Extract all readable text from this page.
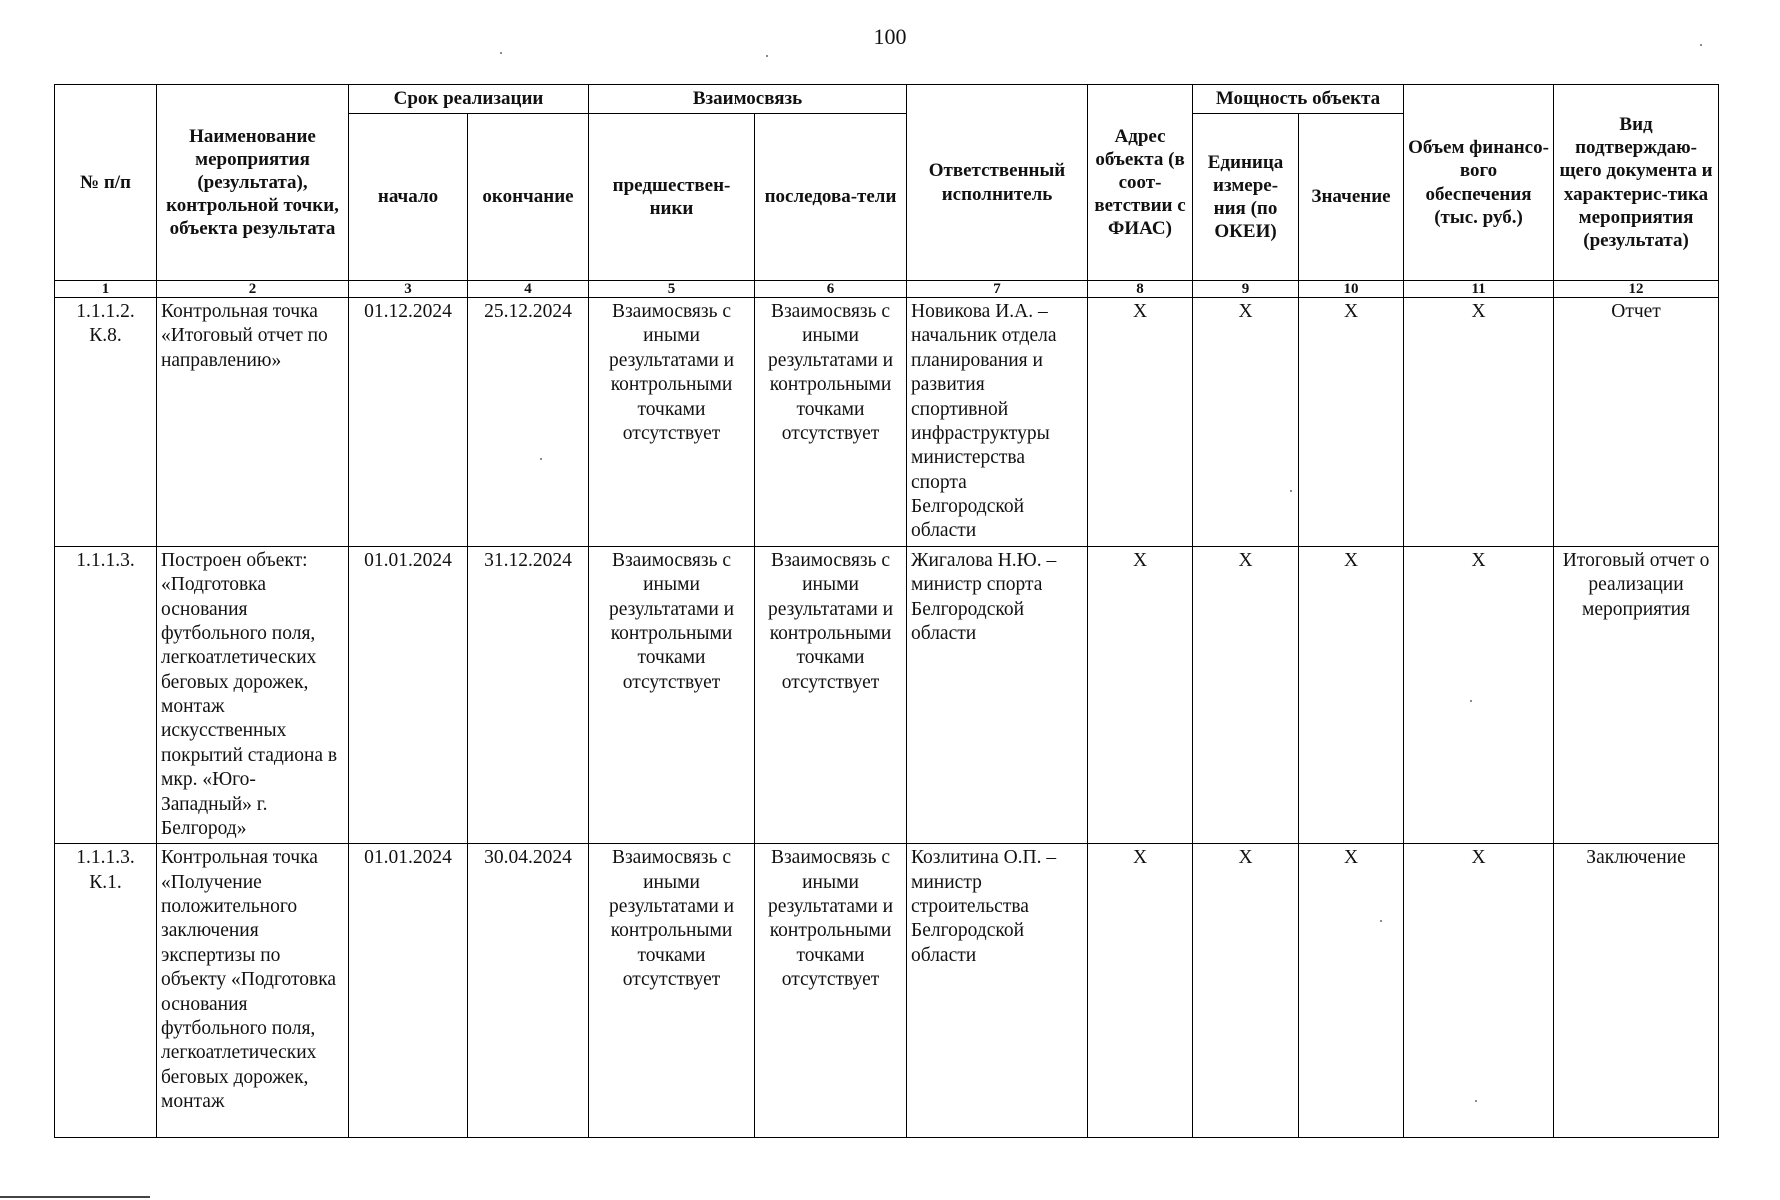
100
№ п/п	Наименование мероприятия (результата), контрольной точки, объекта результата	Срок реализации		Взаимосвязь		Ответственный исполнитель	Адрес объекта (в соот-ветствии с ФИАС)	Мощность объекта		Объем финансо-вого обеспечения (тыс. руб.)	Вид подтверждаю-щего документа и характерис-тика мероприятия (результата)
		начало	окончание	предшествен-ники	последова-тели			Единица измере-ния (по ОКЕИ)	Значение		
1	2	3	4	5	6	7	8	9	10	11	12
1.1.1.2. К.8.	Контрольная точка «Итоговый отчет по направлению»	01.12.2024	25.12.2024	Взаимосвязь с иными результатами и контрольными точками отсутствует	Взаимосвязь с иными результатами и контрольными точками отсутствует	Новикова И.А. – начальник отдела планирования и развития спортивной инфраструктуры министерства спорта Белгородской области	Х	Х	Х	Х	Отчет
1.1.1.3.	Построен объект: «Подготовка основания футбольного поля, легкоатлетических беговых дорожек, монтаж искусственных покрытий стадиона в мкр. «Юго-Западный» г. Белгород»	01.01.2024	31.12.2024	Взаимосвязь с иными результатами и контрольными точками отсутствует	Взаимосвязь с иными результатами и контрольными точками отсутствует	Жигалова Н.Ю. – министр спорта Белгородской области	Х	Х	Х	Х	Итоговый отчет о реализации мероприятия
1.1.1.3. К.1.	Контрольная точка «Получение положительного заключения экспертизы по объекту «Подготовка основания футбольного поля, легкоатлетических беговых дорожек, монтаж	01.01.2024	30.04.2024	Взаимосвязь с иными результатами и контрольными точками отсутствует	Взаимосвязь с иными результатами и контрольными точками отсутствует	Козлитина О.П. – министр строительства Белгородской области	Х	Х	Х	Х	Заключение
